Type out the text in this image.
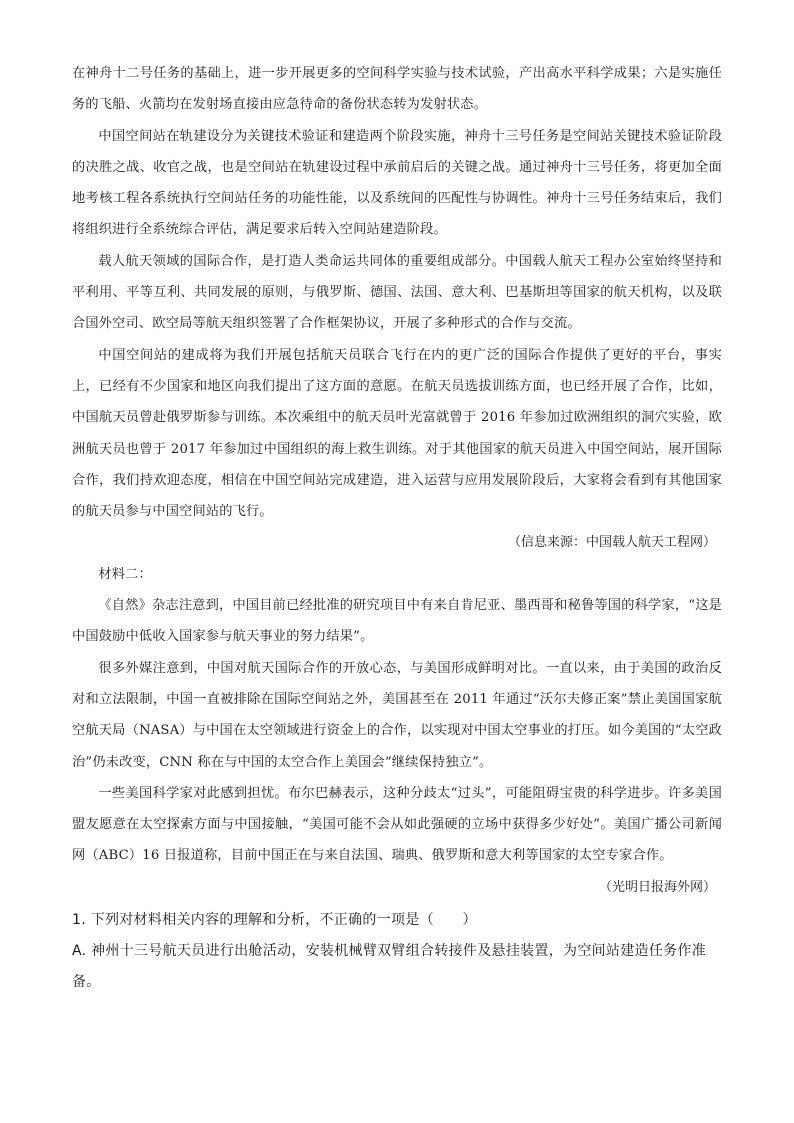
在神舟十二号任务的基础上，进一步开展更多的空间科学实验与技术试验，产出高水平科学成果；六是实施任务的飞船、火箭均在发射场直接由应急待命的备份状态转为发射状态。

中国空间站在轨建设分为关键技术验证和建造两个阶段实施，神舟十三号任务是空间站关键技术验证阶段的决胜之战、收官之战，也是空间站在轨建设过程中承前启后的关键之战。通过神舟十三号任务，将更加全面地考核工程各系统执行空间站任务的功能性能，以及系统间的匹配性与协调性。神舟十三号任务结束后，我们将组织进行全系统综合评估，满足要求后转入空间站建造阶段。

载人航天领域的国际合作，是打造人类命运共同体的重要组成部分。中国载人航天工程办公室始终坚持和平利用、平等互利、共同发展的原则，与俄罗斯、德国、法国、意大利、巴基斯坦等国家的航天机构，以及联合国外空司、欧空局等航天组织签署了合作框架协议，开展了多种形式的合作与交流。

中国空间站的建成将为我们开展包括航天员联合飞行在内的更广泛的国际合作提供了更好的平台，事实上，已经有不少国家和地区向我们提出了这方面的意愿。在航天员选拔训练方面，也已经开展了合作，比如，中国航天员曾赴俄罗斯参与训练。本次乘组中的航天员叶光富就曾于 2016 年参加过欧洲组织的洞穴实验，欧洲航天员也曾于 2017 年参加过中国组织的海上救生训练。对于其他国家的航天员进入中国空间站，展开国际合作，我们持欢迎态度，相信在中国空间站完成建造，进入运营与应用发展阶段后，大家将会看到有其他国家的航天员参与中国空间站的飞行。

（信息来源：中国载人航天工程网）

材料二：

《自然》杂志注意到，中国目前已经批准的研究项目中有来自肯尼亚、墨西哥和秘鲁等国的科学家，“这是中国鼓励中低收入国家参与航天事业的努力结果”。

很多外媒注意到，中国对航天国际合作的开放心态，与美国形成鲜明对比。一直以来，由于美国的政治反对和立法限制，中国一直被排除在国际空间站之外，美国甚至在 2011 年通过“沃尔夫修正案”禁止美国国家航空航天局（NASA）与中国在太空领域进行资金上的合作，以实现对中国太空事业的打压。如今美国的“太空政治”仍未改变，CNN 称在与中国的太空合作上美国会“继续保持独立”。

一些美国科学家对此感到担忧。布尔巴赫表示，这种分歧太“过头”，可能阻碍宝贵的科学进步。许多美国盟友愿意在太空探索方面与中国接触，“美国可能不会从如此强硬的立场中获得多少好处”。美国广播公司新闻网（ABC）16 日报道称，目前中国正在与来自法国、瑞典、俄罗斯和意大利等国家的太空专家合作。

（光明日报海外网）

1. 下列对材料相关内容的理解和分析，不正确的一项是（　　）

A. 神州十三号航天员进行出舱活动，安装机械臂双臂组合转接件及悬挂装置，为空间站建造任务作准备。
